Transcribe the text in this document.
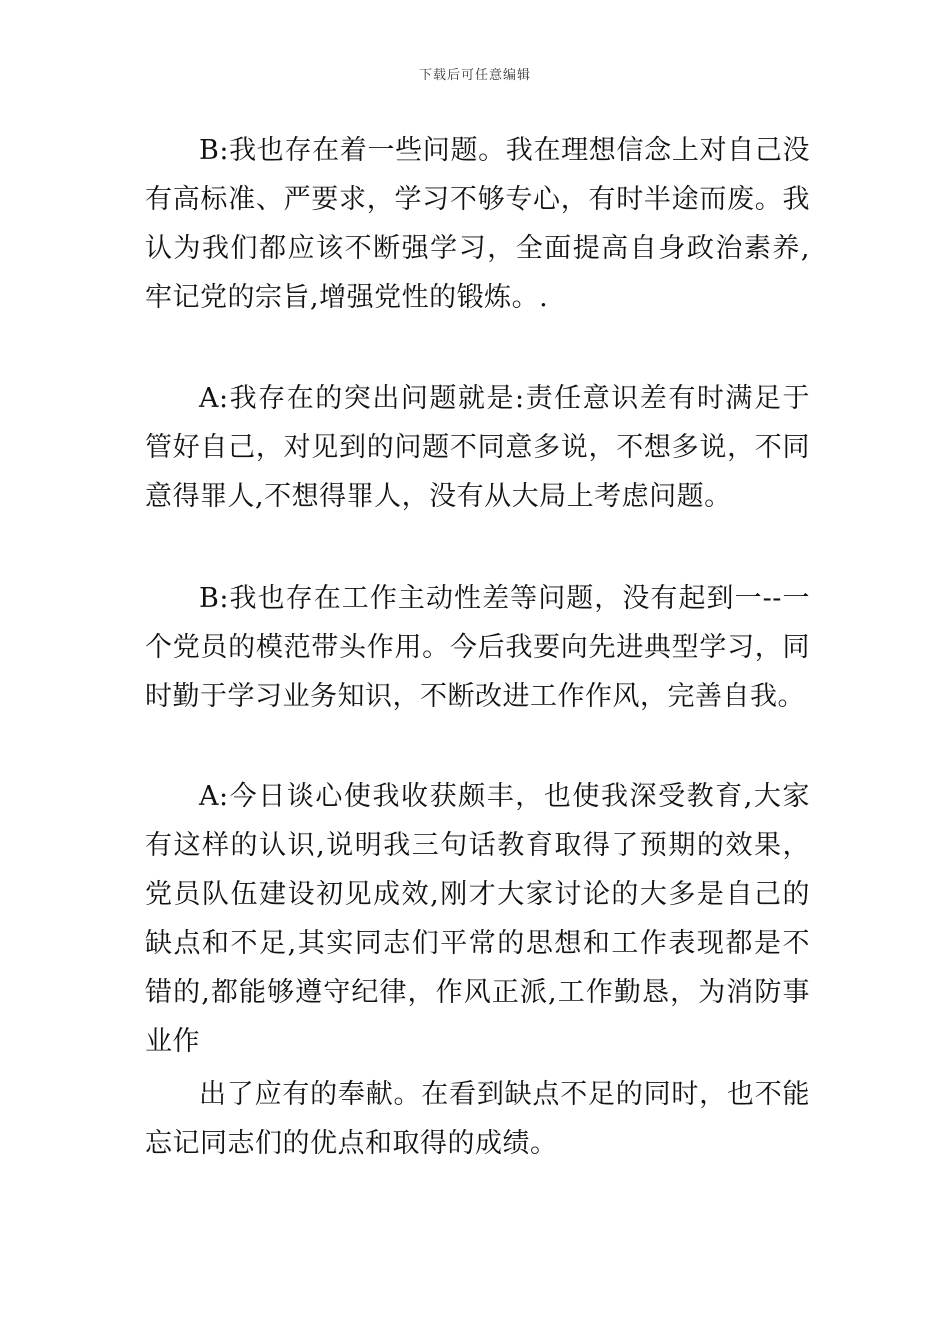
下载后可任意编辑

B:我也存在着一些问题。我在理想信念上对自己没有高标准、严要求，学习不够专心，有时半途而废。我认为我们都应该不断强学习，全面提高自身政治素养,牢记党的宗旨,增强党性的锻炼。.

A:我存在的突出问题就是:责任意识差有时满足于管好自己，对见到的问题不同意多说，不想多说，不同意得罪人,不想得罪人，没有从大局上考虑问题。

B:我也存在工作主动性差等问题，没有起到一--一个党员的模范带头作用。今后我要向先进典型学习，同时勤于学习业务知识，不断改进工作作风，完善自我。

A:今日谈心使我收获颇丰，也使我深受教育,大家有这样的认识,说明我三句话教育取得了预期的效果，党员队伍建设初见成效,刚才大家讨论的大多是自己的缺点和不足,其实同志们平常的思想和工作表现都是不错的,都能够遵守纪律，作风正派,工作勤恳，为消防事业作

出了应有的奉献。在看到缺点不足的同时，也不能忘记同志们的优点和取得的成绩。
